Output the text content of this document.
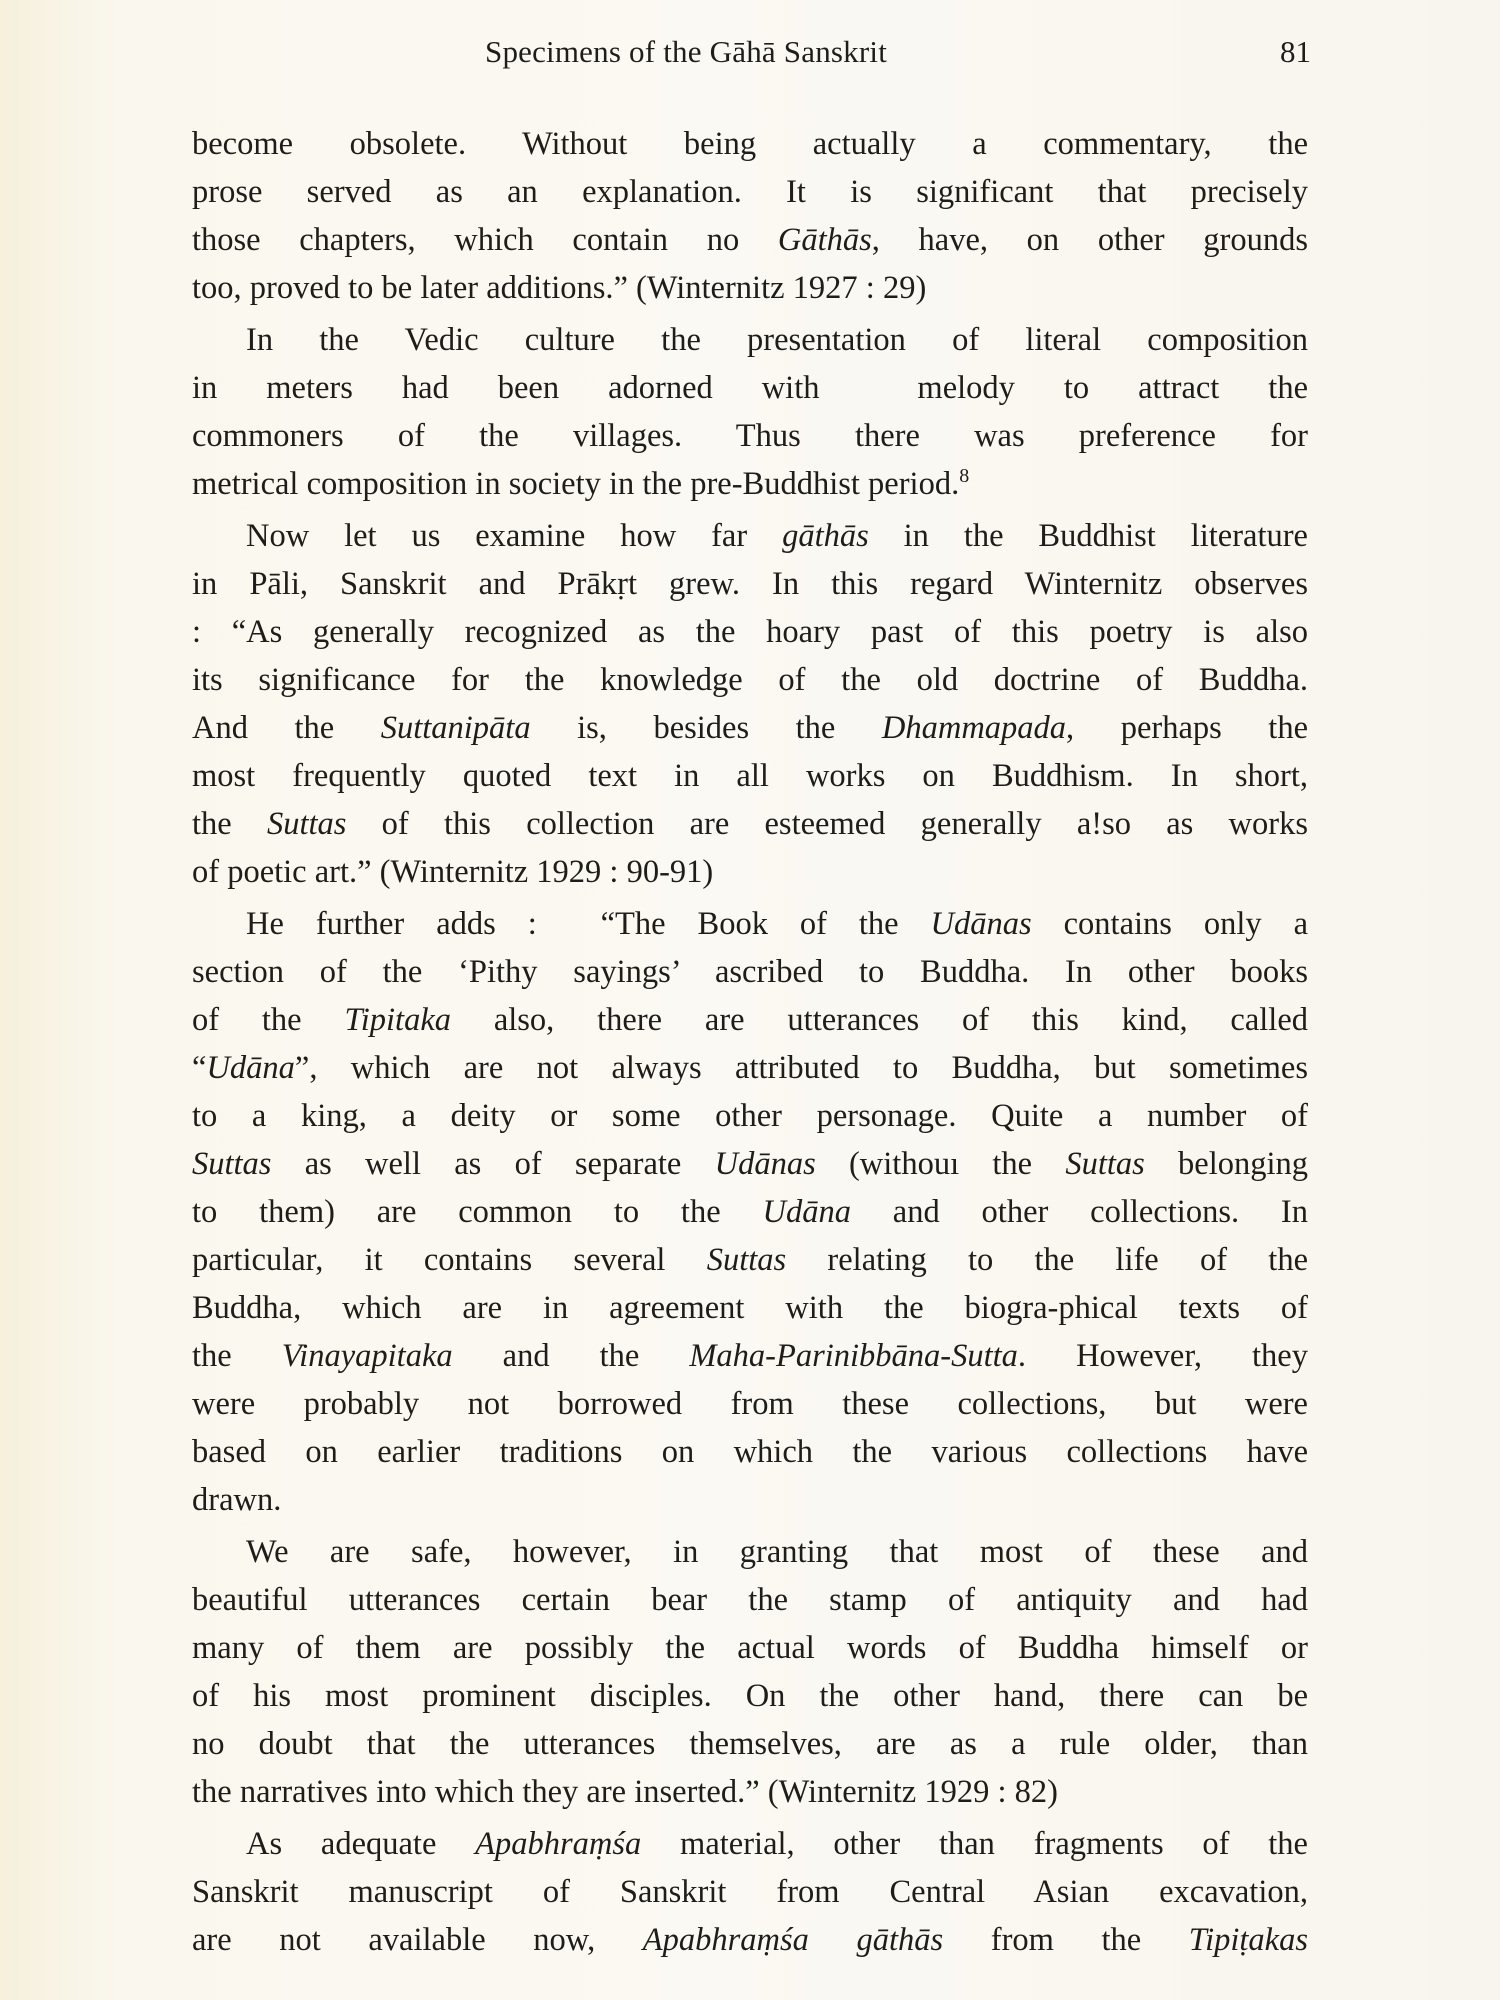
Specimens of the Gāhā Sanskrit	81
become obsolete. Without being actually a commentary, the
prose served as an explanation. It is significant that precisely
those chapters, which contain no Gāthās, have, on other grounds
too, proved to be later additions.” (Winternitz 1927 : 29)
In the Vedic culture the presentation of literal composition
in meters had been adorned with  melody to attract the
commoners of the villages. Thus there was preference for
metrical composition in society in the pre-Buddhist period.$^8$
Now let us examine how far gāthās in the Buddhist literature
in Pāli, Sanskrit and Prākṛt grew. In this regard Winternitz observes
: “As generally recognized as the hoary past of this poetry is also
its significance for the knowledge of the old doctrine of Buddha.
And the Suttanipāta is, besides the Dhammapada, perhaps the
most frequently quoted text in all works on Buddhism. In short,
the Suttas of this collection are esteemed generally a!so as works
of poetic art.” (Winternitz 1929 : 90-91)
He further adds :  “The Book of the Udānas contains only a
section of the ‘Pithy sayings’ ascribed to Buddha. In other books
of the Tipitaka also, there are utterances of this kind, called
“Udāna”, which are not always attributed to Buddha, but sometimes
to a king, a deity or some other personage. Quite a number of
Suttas as well as of separate Udānas (withouı the Suttas belonging
to them) are common to the Udāna and other collections. In
particular, it contains several Suttas relating to the life of the
Buddha, which are in agreement with the biogra-phical texts of
the Vinayapitaka and the Maha-Parinibbāna-Sutta. However, they
were probably not borrowed from these collections, but were
based on earlier traditions on which the various collections have
drawn.
We are safe, however, in granting that most of these and
beautiful utterances certain bear the stamp of antiquity and had
many of them are possibly the actual words of Buddha himself or
of his most prominent disciples. On the other hand, there can be
no doubt that the utterances themselves, are as a rule older, than
the narratives into which they are inserted.” (Winternitz 1929 : 82)
As adequate Apabhraṃśa material, other than fragments of the
Sanskrit manuscript of Sanskrit from Central Asian excavation,
are not available now, Apabhraṃśa gāthās from the Tipiṭakas
